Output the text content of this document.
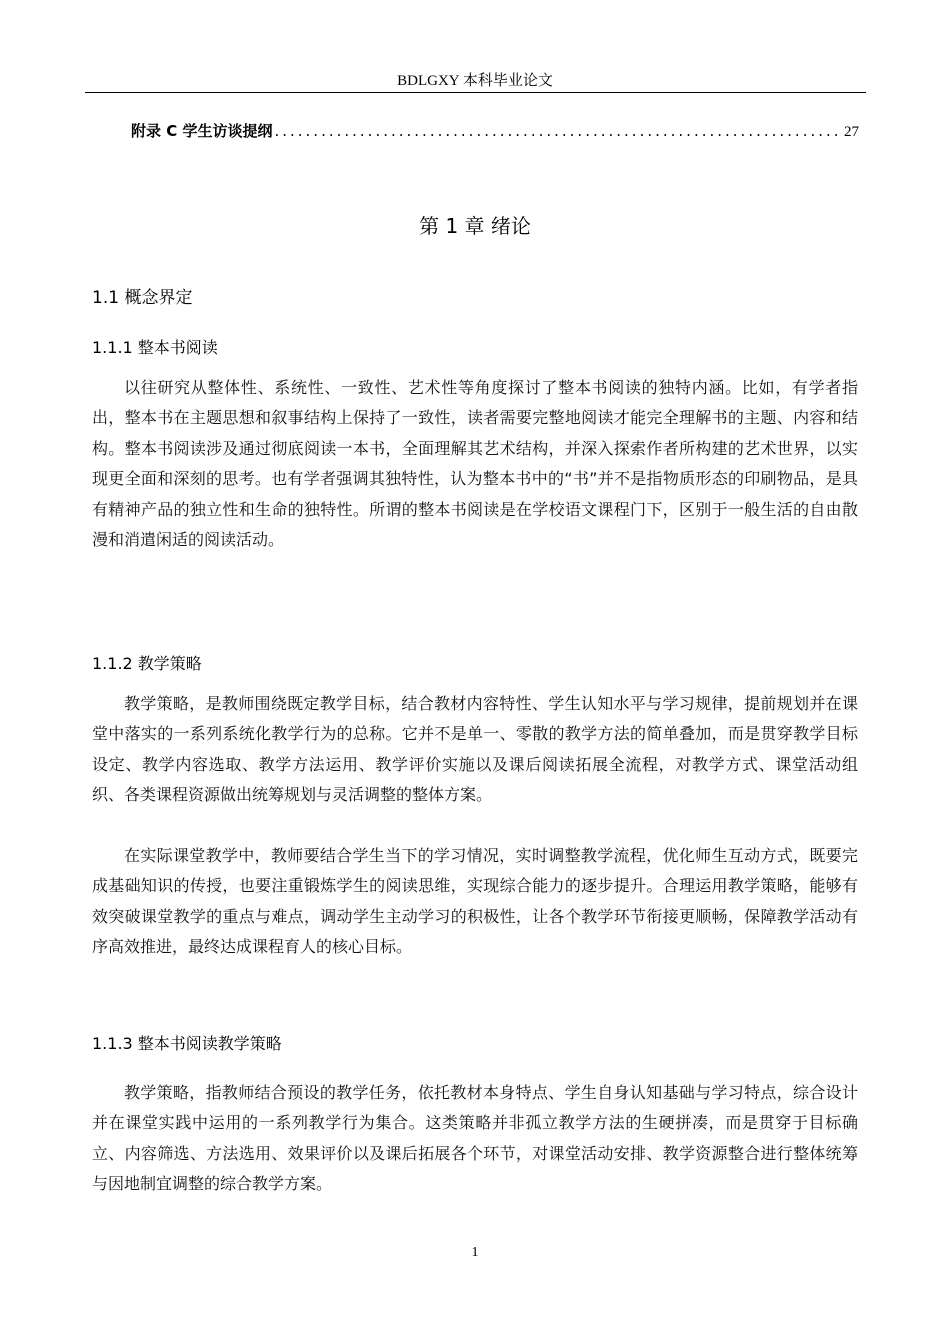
BDLGXY 本科毕业论文
附录 C 学生访谈提纲
.....	27
第 1 章 绪论
1.1 概念界定
1.1.1 整本书阅读

以往研究从整体性、系统性、一致性、艺术性等角度探讨了整本书阅读的独特内涵。比如，有学者指出，整本书在主题思想和叙事结构上保持了一致性，读者需要完整地阅读才能完全理解书的主题、内容和结构。整本书阅读涉及通过彻底阅读一本书，全面理解其艺术结构，并深入探索作者所构建的艺术世界，以实现更全面和深刻的思考。也有学者强调其独特性，认为整本书中的“书”并不是指物质形态的印刷物品，是具有精神产品的独立性和生命的独特性。所谓的整本书阅读是在学校语文课程门下，区别于一般生活的自由散漫和消遣闲适的阅读活动。

1.1.2 教学策略

教学策略，是教师围绕既定教学目标，结合教材内容特性、学生认知水平与学习规律，提前规划并在课堂中落实的一系列系统化教学行为的总称。它并不是单一、零散的教学方法的简单叠加，而是贯穿教学目标设定、教学内容选取、教学方法运用、教学评价实施以及课后阅读拓展全流程，对教学方式、课堂活动组织、各类课程资源做出统筹规划与灵活调整的整体方案。

在实际课堂教学中，教师要结合学生当下的学习情况，实时调整教学流程，优化师生互动方式，既要完成基础知识的传授，也要注重锻炼学生的阅读思维，实现综合能力的逐步提升。合理运用教学策略，能够有效突破课堂教学的重点与难点，调动学生主动学习的积极性，让各个教学环节衔接更顺畅，保障教学活动有序高效推进，最终达成课程育人的核心目标。

1.1.3 整本书阅读教学策略

教学策略，指教师结合预设的教学任务，依托教材本身特点、学生自身认知基础与学习特点，综合设计并在课堂实践中运用的一系列教学行为集合。这类策略并非孤立教学方法的生硬拼凑，而是贯穿于目标确立、内容筛选、方法选用、效果评价以及课后拓展各个环节，对课堂活动安排、教学资源整合进行整体统筹与因地制宜调整的综合教学方案。

1
